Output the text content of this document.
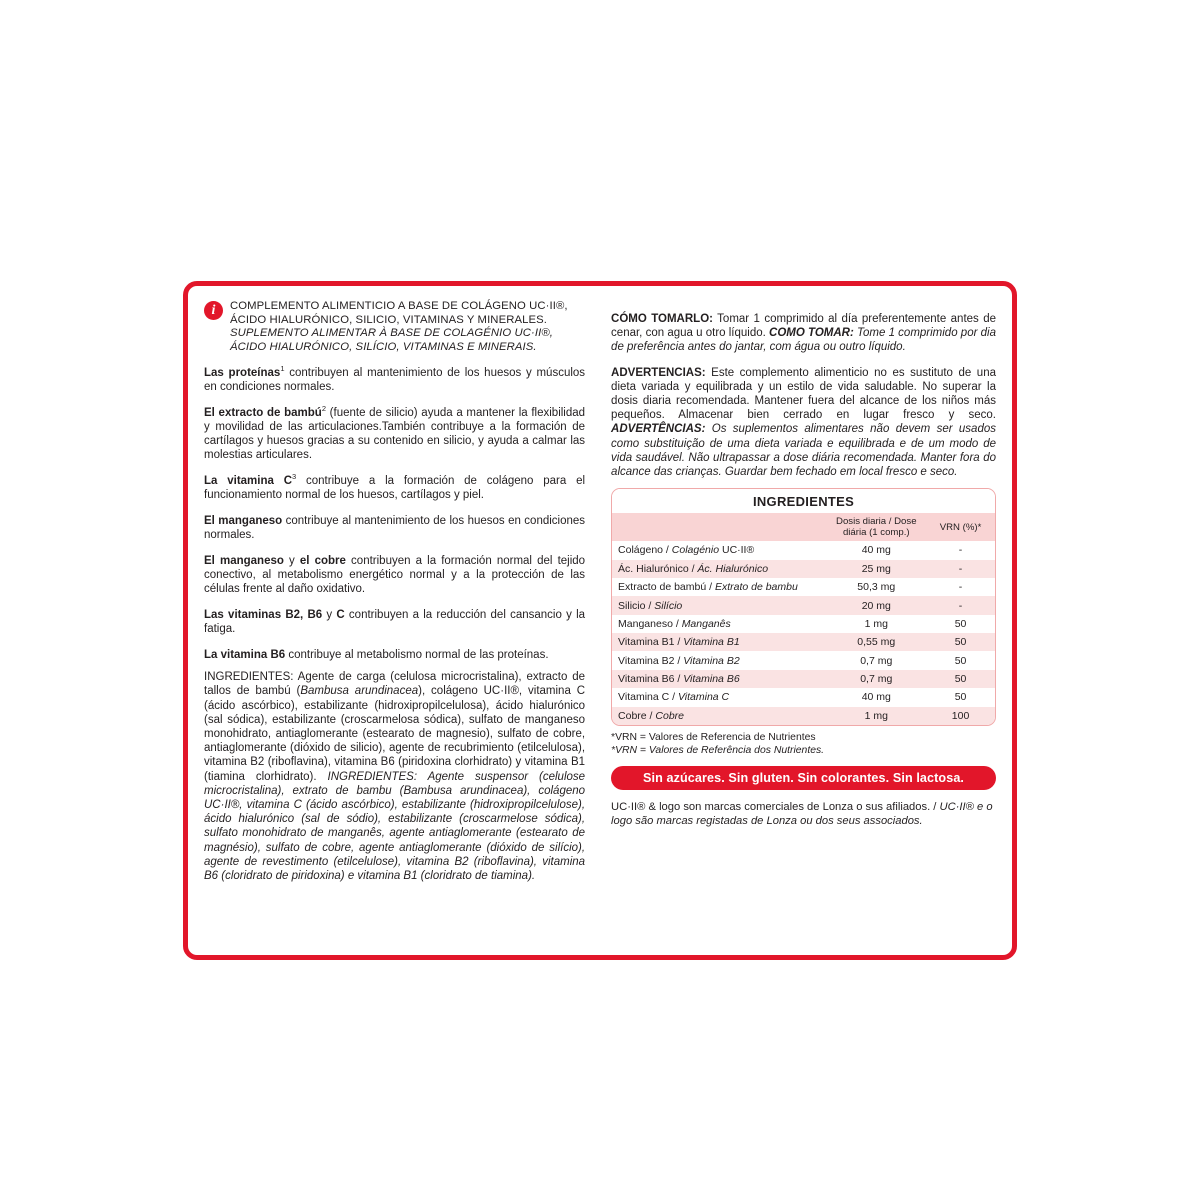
i	COMPLEMENTO ALIMENTICIO A BASE DE COLÁGENO UC·II®, ÁCIDO HIALURÓNICO, SILICIO, VITAMINAS Y MINERALES.
SUPLEMENTO ALIMENTAR À BASE DE COLAGÉNIO UC·II®, ÁCIDO HIALURÓNICO, SILÍCIO, VITAMINAS E MINERAIS.

Las proteínas$^1$ contribuyen al mantenimiento de los huesos y músculos en condiciones normales.

El extracto de bambú$^2$ (fuente de silicio) ayuda a mantener la flexibilidad y movilidad de las articulaciones.También contribuye a la formación de cartílagos y huesos gracias a su contenido en silicio, y ayuda a calmar las molestias articulares.

La vitamina $C^3$ contribuye a la formación de colágeno para el funcionamiento normal de los huesos, cartílagos y piel.

El manganeso contribuye al mantenimiento de los huesos en condiciones normales.

El manganeso y el cobre contribuyen a la formación normal del tejido conectivo, al metabolismo energético normal y a la protección de las células frente al daño oxidativo.

Las vitaminas B2, B6 y C contribuyen a la reducción del cansancio y la fatiga.

La vitamina B6 contribuye al metabolismo normal de las proteínas.

INGREDIENTES: Agente de carga (celulosa microcristalina), extracto de tallos de bambú (Bambusa arundinacea), colágeno UC·II®, vitamina C (ácido ascórbico), estabilizante (hidroxipropilcelulosa), ácido hialurónico (sal sódica), estabilizante (croscarmelosa sódica), sulfato de manganeso monohidrato, antiaglomerante (estearato de magnesio), sulfato de cobre, antiaglomerante (dióxido de silicio), agente de recubrimiento (etilcelulosa), vitamina B2 (riboflavina), vitamina B6 (piridoxina clorhidrato) y vitamina B1 (tiamina clorhidrato). INGREDIENTES: Agente suspensor (celulose microcristalina), extrato de bambu (Bambusa arundinacea), colágeno UC·II®, vitamina C (ácido ascórbico), estabilizante (hidroxipropilcelulose), ácido hialurónico (sal de sódio), estabilizante (croscarmelose sódica), sulfato monohidrato de manganês, agente antiaglomerante (estearato de magnésio), sulfato de cobre, agente antiaglomerante (dióxido de silício), agente de revestimento (etilcelulose), vitamina B2 (riboflavina), vitamina B6 (cloridrato de piridoxina) e vitamina B1 (cloridrato de tiamina).

CÓMO TOMARLO: Tomar 1 comprimido al día preferentemente antes de cenar, con agua u otro líquido. COMO TOMAR: Tome 1 comprimido por dia de preferência antes do jantar, com água ou outro líquido.

ADVERTENCIAS: Este complemento alimenticio no es sustituto de una dieta variada y equilibrada y un estilo de vida saludable. No superar la dosis diaria recomendada. Mantener fuera del alcance de los niños más pequeños. Almacenar bien cerrado en lugar fresco y seco. ADVERTÊNCIAS: Os suplementos alimentares não devem ser usados como substituição de uma dieta variada e equilibrada e de um modo de vida saudável. Não ultrapassar a dose diária recomendada. Manter fora do alcance das crianças. Guardar bem fechado em local fresco e seco.

INGREDIENTES		
	Dosis diaria / Dose diária (1 comp.)	VRN (%)*
Colágeno / Colagénio UC·II®	40 mg	-
Ác. Hialurónico / Ác. Hialurónico	25 mg	-
Extracto de bambú / Extrato de bambu	50,3 mg	-
Silicio / Silício	20 mg	-
Manganeso / Manganês	1 mg	50
Vitamina B1 / Vitamina B1	0,55 mg	50
Vitamina B2 / Vitamina B2	0,7 mg	50
Vitamina B6 / Vitamina B6	0,7 mg	50
Vitamina C / Vitamina C	40 mg	50
Cobre / Cobre	1 mg	100
*VRN = Valores de Referencia de Nutrientes
*VRN = Valores de Referência dos Nutrientes.
Sin azúcares. Sin gluten. Sin colorantes. Sin lactosa.
UC·II® & logo son marcas comerciales de Lonza o sus afiliados. / UC·II® e o logo são marcas registadas de Lonza ou dos seus associados.
